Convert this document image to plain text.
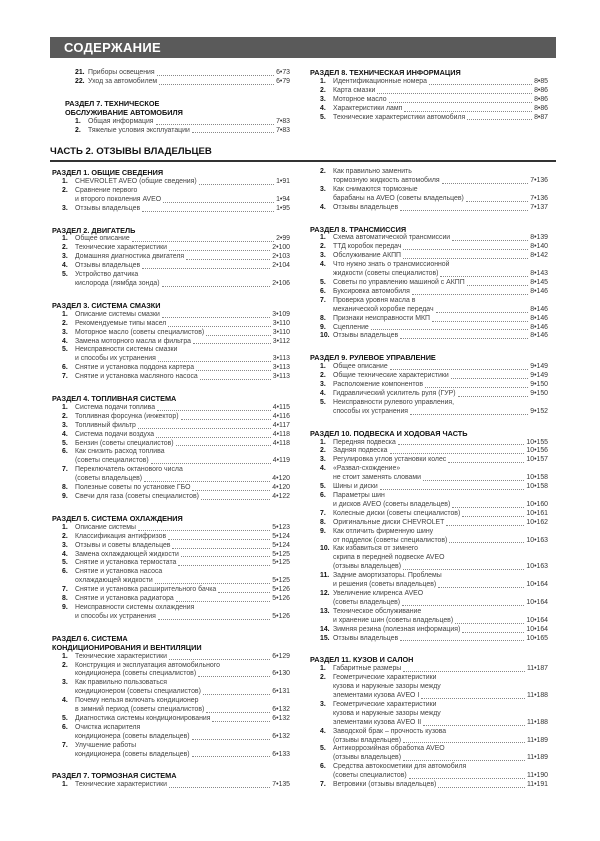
СОДЕРЖАНИЕ
21. Приборы освещения	6•73
22. Уход за автомобилем	6•79
РАЗДЕЛ 7. ТЕХНИЧЕСКОЕ
ОБСЛУЖИВАНИЕ АВТОМОБИЛЯ
1. Общая информация	7•83
2. Тяжелые условия эксплуатации	7•83
РАЗДЕЛ 8. ТЕХНИЧЕСКАЯ ИНФОРМАЦИЯ
1. Идентификационные номера	8•85
2. Карта смазки	8•86
3. Моторное масло	8•86
4. Характеристики ламп	8•86
5. Технические характеристики автомобиля	8•87
ЧАСТЬ 2. ОТЗЫВЫ ВЛАДЕЛЬЦЕВ
РАЗДЕЛ 1. ОБЩИЕ СВЕДЕНИЯ
1. CHEVROLET AVEO (общие сведения)	1•91
2. Сравнение первого
и второго поколения AVEO	1•94
3. Отзывы владельцев	1•95
РАЗДЕЛ 2. ДВИГАТЕЛЬ
1. Общее описание	2•99
2. Технические характеристики	2•100
3. Домашняя диагностика двигателя	2•103
4. Отзывы владельцев	2•104
5. Устройство датчика
кислорода (лямбда зонда)	2•106
РАЗДЕЛ 3. СИСТЕМА СМАЗКИ
1. Описание системы смазки	3•109
2. Рекомендуемые типы масел	3•110
3. Моторное масло (советы специалистов)	3•110
4. Замена моторного масла и фильтра	3•112
5. Неисправности системы смазки
и способы их устранения	3•113
6. Снятие и установка поддона картера	3•113
7. Снятие и установка масляного насоса	3•113
РАЗДЕЛ 4. ТОПЛИВНАЯ СИСТЕМА
1. Система подачи топлива	4•115
2. Топливная форсунка (инжектор)	4•116
3. Топливный фильтр	4•117
4. Система подачи воздуха	4•118
5. Бензин (советы специалистов)	4•118
6. Как снизить расход топлива
(советы специалистов)	4•119
7. Переключатель октанового числа
(советы владельцев)	4•120
8. Полезные советы по установке ГБО	4•120
9. Свечи для газа (советы специалистов)	4•122
РАЗДЕЛ 5. СИСТЕМА ОХЛАЖДЕНИЯ
1. Описание системы	5•123
2. Классификация антифризов	5•124
3. Отзывы и советы владельцев	5•124
4. Замена охлаждающей жидкости	5•125
5. Снятие и установка термостата	5•125
6. Снятие и установка насоса
охлаждающей жидкости	5•125
7. Снятие и установка расширительного бачка	5•126
8. Снятие и установка радиатора	5•126
9. Неисправности системы охлаждения
и способы их устранения	5•126
РАЗДЕЛ 6. СИСТЕМА
КОНДИЦИОНИРОВАНИЯ И ВЕНТИЛЯЦИИ
1. Технические характеристики	6•129
2. Конструкция и эксплуатация автомобильного
кондиционера (советы специалистов)	6•130
3. Как правильно пользоваться
кондиционером (советы специалистов)	6•131
4. Почему нельзя включать кондиционер
в зимний период (советы специалистов)	6•132
5. Диагностика системы кондиционирования	6•132
6. Очистка испарителя
кондиционера (советы владельцев)	6•132
7. Улучшение работы
кондиционера (советы владельцев)	6•133
РАЗДЕЛ 7. ТОРМОЗНАЯ СИСТЕМА
1. Технические характеристики	7•135
2. Как правильно заменить
тормозную жидкость автомобиля	7•136
3. Как снимаются тормозные
барабаны на AVEO (советы владельцев)	7•136
4. Отзывы владельцев	7•137
РАЗДЕЛ 8. ТРАНСМИССИЯ
1. Схема автоматической трансмиссии	8•139
2. ТТД коробок передач	8•140
3. Обслуживание АКПП	8•142
4. Что нужно знать о трансмиссионной
жидкости (советы специалистов)	8•143
5. Советы по управлению машиной с АКПП	8•145
6. Буксировка автомобиля	8•146
7. Проверка уровня масла в
механической коробке передач	8•146
8. Признаки неисправности МКП	8•146
9. Сцепление	8•146
10. Отзывы владельцев	8•146
РАЗДЕЛ 9. РУЛЕВОЕ УПРАВЛЕНИЕ
1. Общее описание	9•149
2. Общие технические характеристики	9•149
3. Расположение компонентов	9•150
4. Гидравлический усилитель руля (ГУР)	9•150
5. Неисправности рулевого управления,
способы их устранения	9•152
РАЗДЕЛ 10. ПОДВЕСКА И ХОДОВАЯ ЧАСТЬ
1. Передняя подвеска	10•155
2. Задняя подвеска	10•156
3. Регулировка углов установки колес	10•157
4. «Развал-схождение»
не стоит заменять словами	10•158
5. Шины и диски	10•158
6. Параметры шин
и дисков AVEO (советы владельцев)	10•160
7. Колесные диски (советы специалистов)	10•161
8. Оригинальные диски CHEVROLET	10•162
9. Как отличить фирменную шину
от подделок (советы специалистов)	10•163
10. Как избавиться от зимнего
скрипа в передней подвеске AVEO
(отзывы владельцев)	10•163
11. Задние амортизаторы. Проблемы
и решения (советы владельцев)	10•164
12. Увеличение клиренса AVEO
(советы владельцев)	10•164
13. Техническое обслуживание
и хранение шин (советы владельцев)	10•164
14. Зимняя резина (полезная информация)	10•164
15. Отзывы владельцев	10•165
РАЗДЕЛ 11. КУЗОВ И САЛОН
1. Габаритные размеры	11•187
2. Геометрические характеристики
кузова и наружные зазоры между
элементами кузова AVEO I	11•188
3. Геометрические характеристики
кузова и наружные зазоры между
элементами кузова AVEO II	11•188
4. Заводской брак – прочность кузова
(отзывы владельцев)	11•189
5. Антикоррозийная обработка AVEO
(отзывы владельцев)	11•189
6. Средства автокосметики для автомобиля
(советы специалистов)	11•190
7. Ветровики (отзывы владельцев)	11•191
